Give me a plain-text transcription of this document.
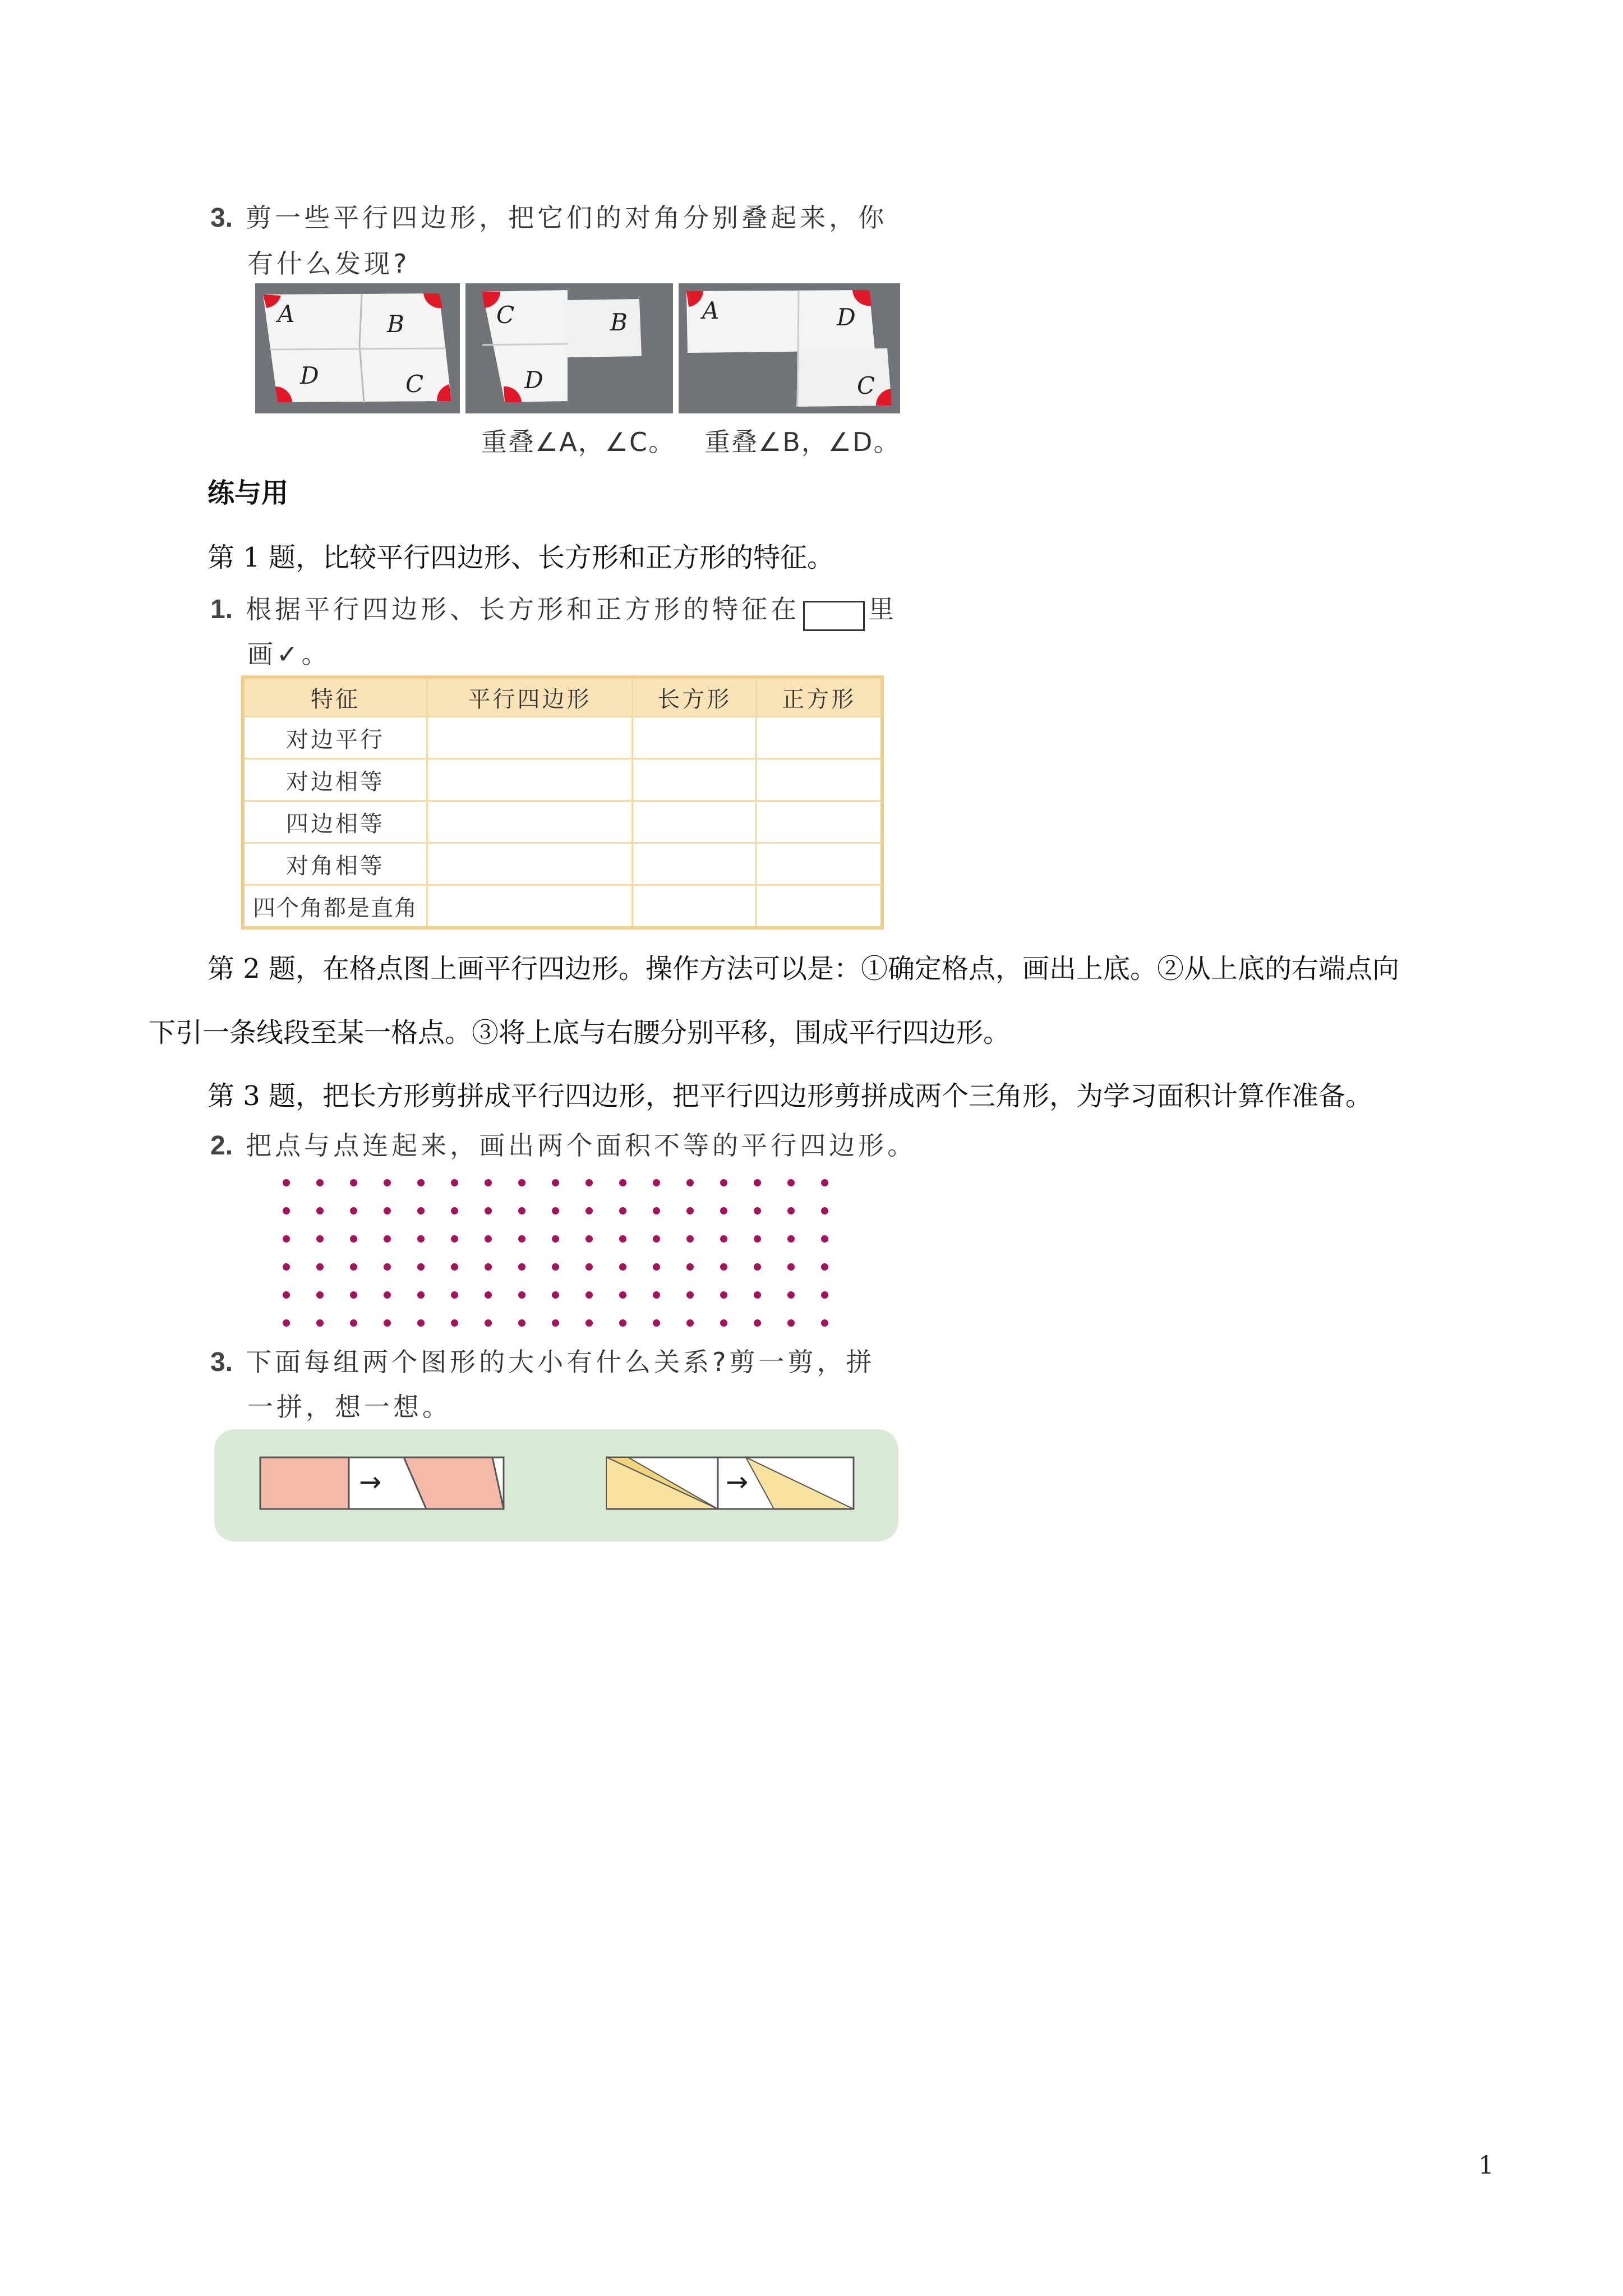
3. 剪一些平行四边形，把它们的对角分别叠起来，你
有什么发现?
A	B
D	C
C	B
D
A	D
C
重叠∠A，∠C。 重叠∠B，∠D。
练与用
第 1 题，比较平行四边形、长方形和正方形的特征。
1. 根据平行四边形、长方形和正方形的特征在	里
画✓。
特征	平行四边形	长方形	正方形
对边平行			
对边相等			
四边相等			
对角相等			
四个角都是直角			
第 2 题，在格点图上画平行四边形。操作方法可以是：①确定格点，画出上底。②从上底的右端点向
下引一条线段至某一格点。③将上底与右腰分别平移，围成平行四边形。
第 3 题，把长方形剪拼成平行四边形，把平行四边形剪拼成两个三角形，为学习面积计算作准备。
2. 把点与点连起来，画出两个面积不等的平行四边形。
3. 下面每组两个图形的大小有什么关系?剪一剪，拼
一拼，想一想。
→	→
1
